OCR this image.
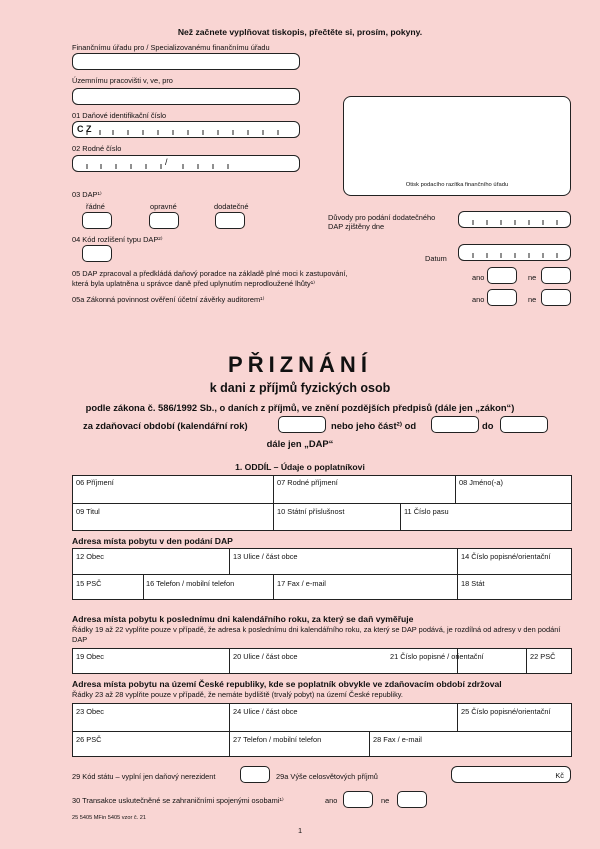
Než začnete vyplňovat tiskopis, přečtěte si, prosím, pokyny.
Finančnímu úřadu pro / Specializovanému finančnímu úřadu
Územnímu pracovišti v, ve, pro
01 Daňové identifikační číslo
C Z
02 Rodné číslo
/
Otisk podacího razítka finančního úřadu
03 DAP¹⁾
řádné	opravné	dodatečné
Důvody pro podání dodatečného
DAP zjištěny dne
04 Kód rozlišení typu DAP²⁾
Datum
05 DAP zpracoval a předkládá daňový poradce na základě plné moci k zastupování,
která byla uplatněna u správce daně před uplynutím neprodloužené lhůty¹⁾
ano	ne
05a Zákonná povinnost ověření účetní závěrky auditorem¹⁾	ano	ne
PŘIZNÁNÍ
k dani z příjmů fyzických osob
podle zákona č. 586/1992 Sb., o daních z příjmů, ve znění pozdějších předpisů (dále jen „zákon“)
za zdaňovací období (kalendářní rok)	nebo jeho část²⁾ od	do
dále jen „DAP“
1. ODDÍL – Údaje o poplatníkovi
06 Příjmení	07 Rodné příjmení	08 Jméno(-a)
09 Titul	10 Státní příslušnost	11 Číslo pasu
Adresa místa pobytu v den podání DAP
12 Obec	13 Ulice / část obce	14 Číslo popisné/orientační
15 PSČ	16 Telefon / mobilní telefon	17 Fax / e-mail	18 Stát
Adresa místa pobytu k poslednímu dni kalendářního roku, za který se daň vyměřuje
Řádky 19 až 22 vyplňte pouze v případě, že adresa k poslednímu dni kalendářního roku, za který se DAP podává, je rozdílná od adresy v den podání DAP
19 Obec	20 Ulice / část obce	21 Číslo popisné / orientační	22 PSČ
Adresa místa pobytu na území České republiky, kde se poplatník obvykle ve zdaňovacím období zdržoval
Řádky 23 až 28 vyplňte pouze v případě, že nemáte bydliště (trvalý pobyt) na území České republiky.
23 Obec	24 Ulice / část obce	25 Číslo popisné/orientační
26 PSČ	27 Telefon / mobilní telefon	28 Fax / e-mail
29 Kód státu – vyplní jen daňový nerezident	29a Výše celosvětových příjmů	Kč
30 Transakce uskutečněné se zahraničními spojenými osobami¹⁾	ano	ne
25 5405 MFin 5405 vzor č. 21
1
